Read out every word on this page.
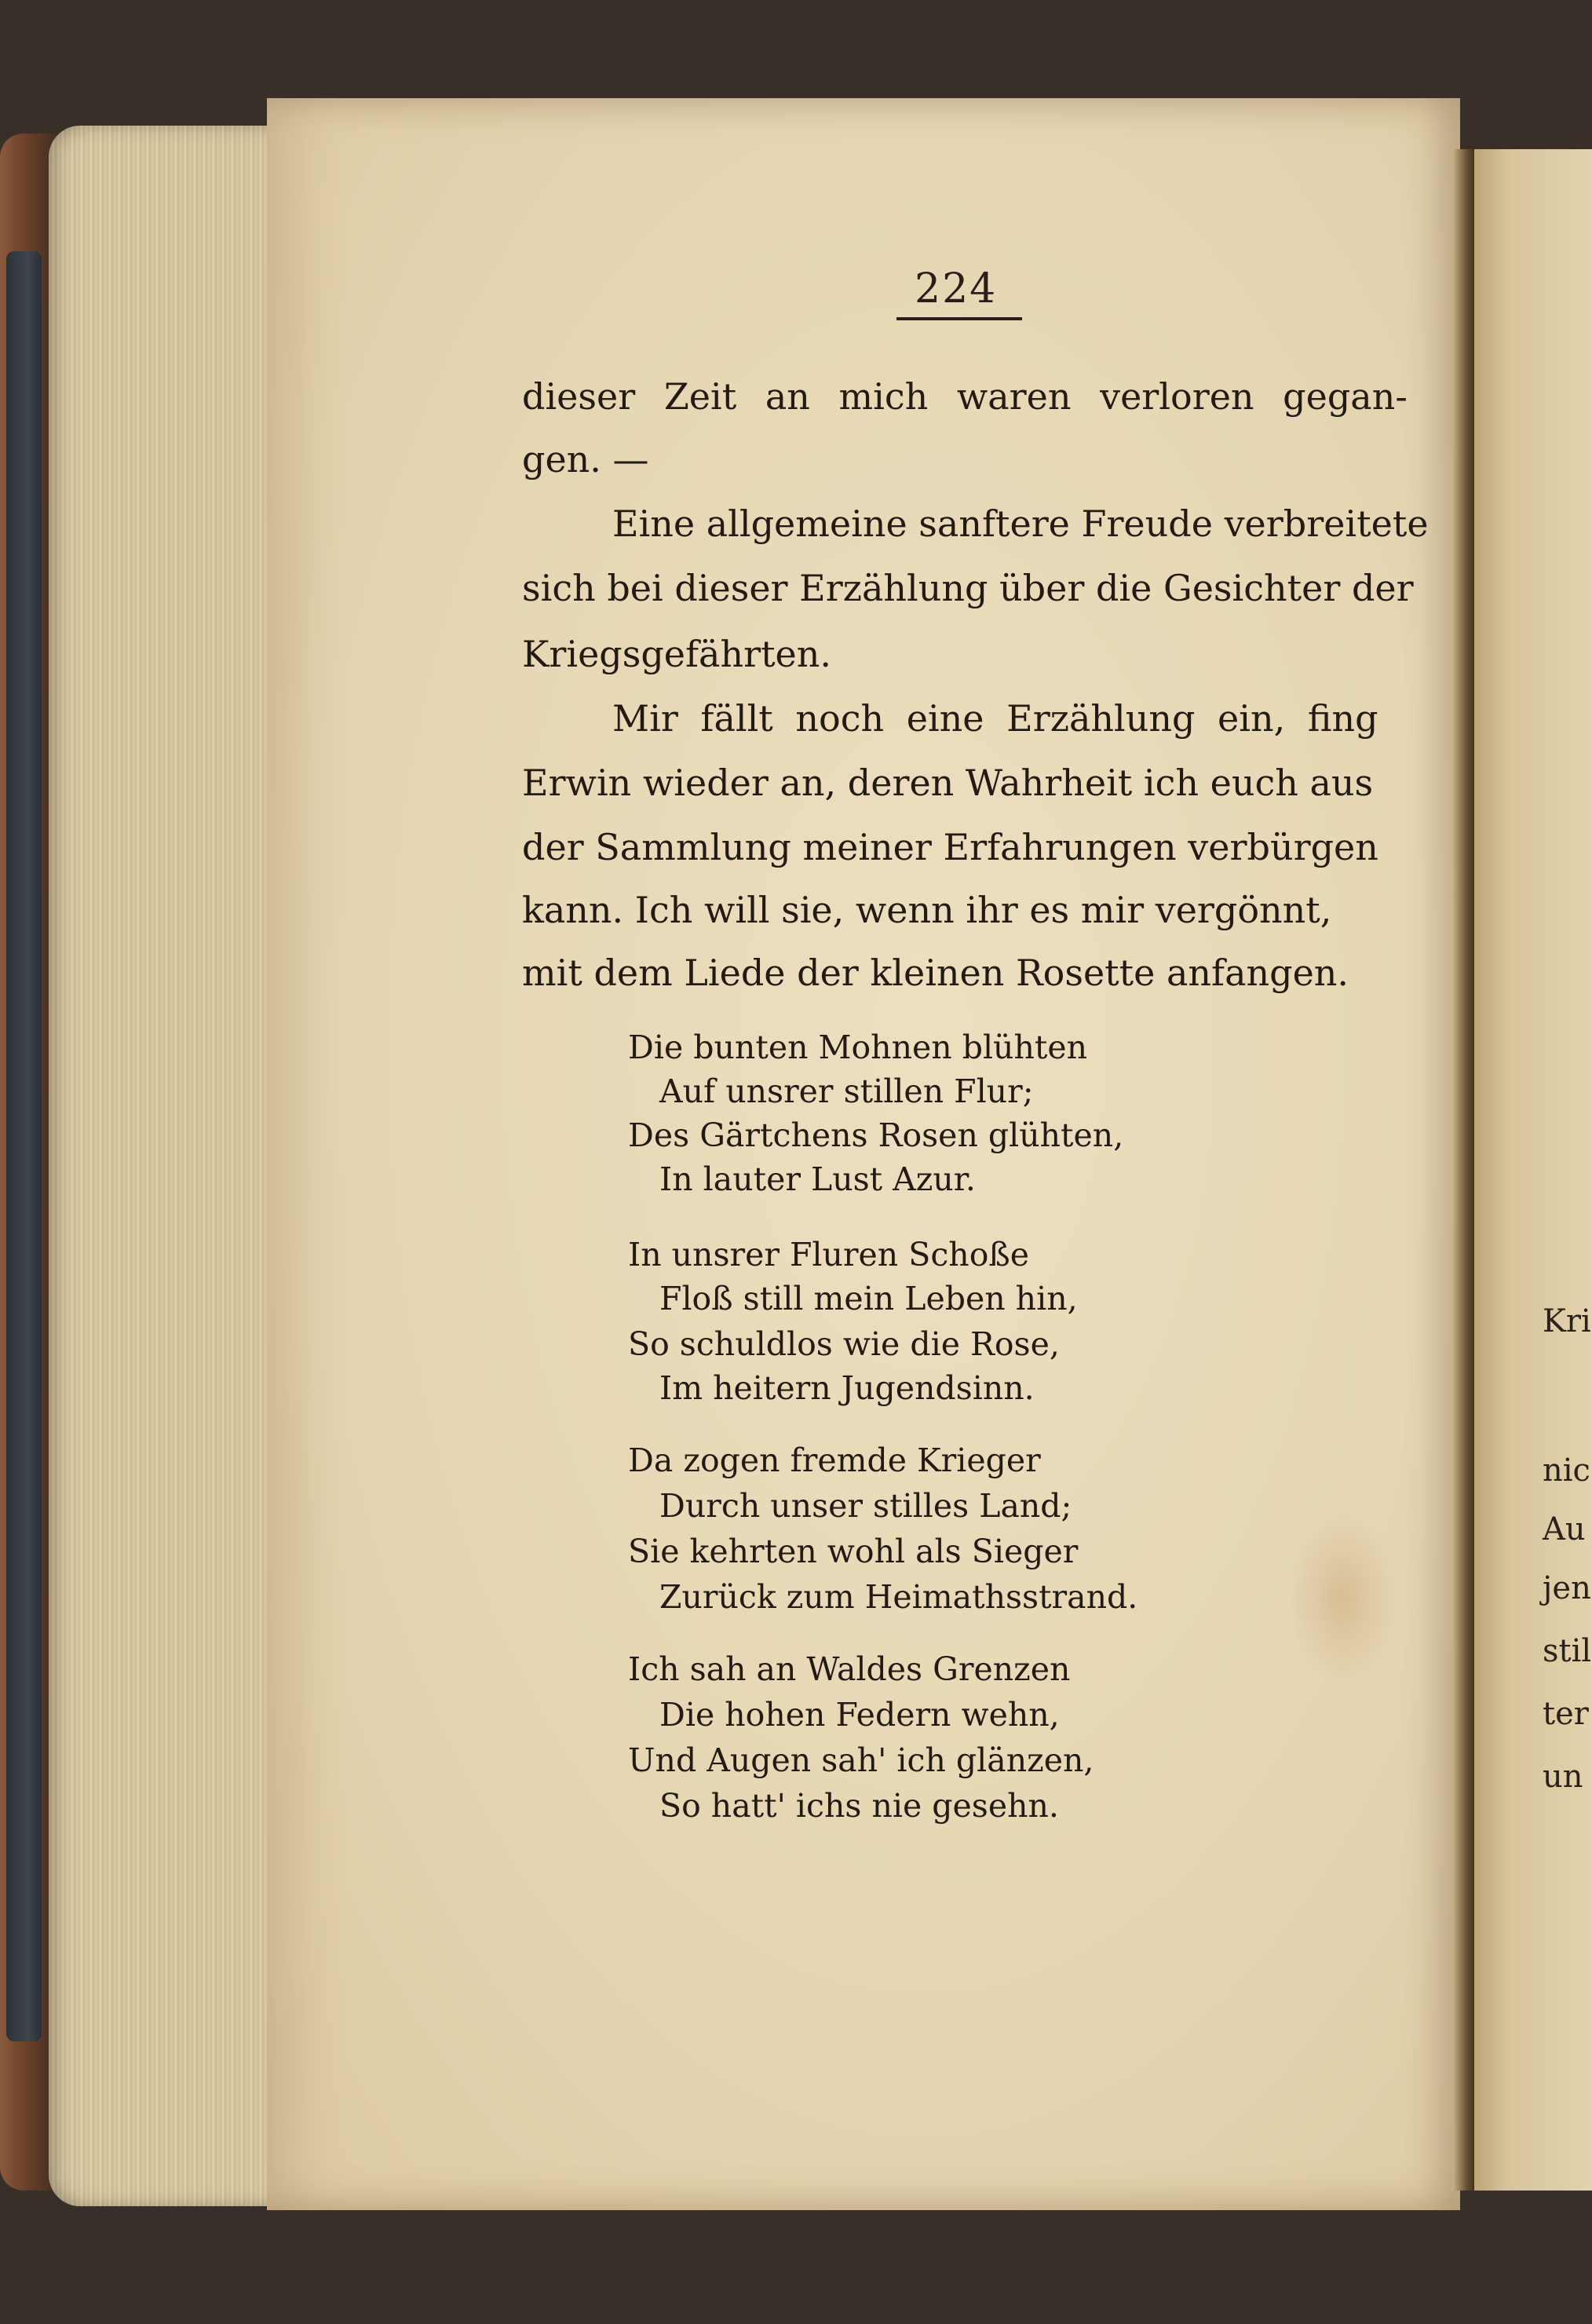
224
dieser Zeit an mich waren verloren gegan-
gen. —
Eine allgemeine sanftere Freude verbreitete
sich bei dieser Erzählung über die Gesichter der
Kriegsgefährten.
Mir fällt noch eine Erzählung ein, fing
Erwin wieder an, deren Wahrheit ich euch aus
der Sammlung meiner Erfahrungen verbürgen
kann. Ich will sie, wenn ihr es mir vergönnt,
mit dem Liede der kleinen Rosette anfangen.
Die bunten Mohnen blühten
Auf unsrer stillen Flur;
Des Gärtchens Rosen glühten,
In lauter Lust Azur.
In unsrer Fluren Schoße
Floß still mein Leben hin,
So schuldlos wie die Rose,
Im heitern Jugendsinn.
Da zogen fremde Krieger
Durch unser stilles Land;
Sie kehrten wohl als Sieger
Zurück zum Heimathsstrand.
Ich sah an Waldes Grenzen
Die hohen Federn wehn,
Und Augen sah' ich glänzen,
So hatt' ichs nie gesehn.
Kri
nic
Au
jen
stil
ter
un
